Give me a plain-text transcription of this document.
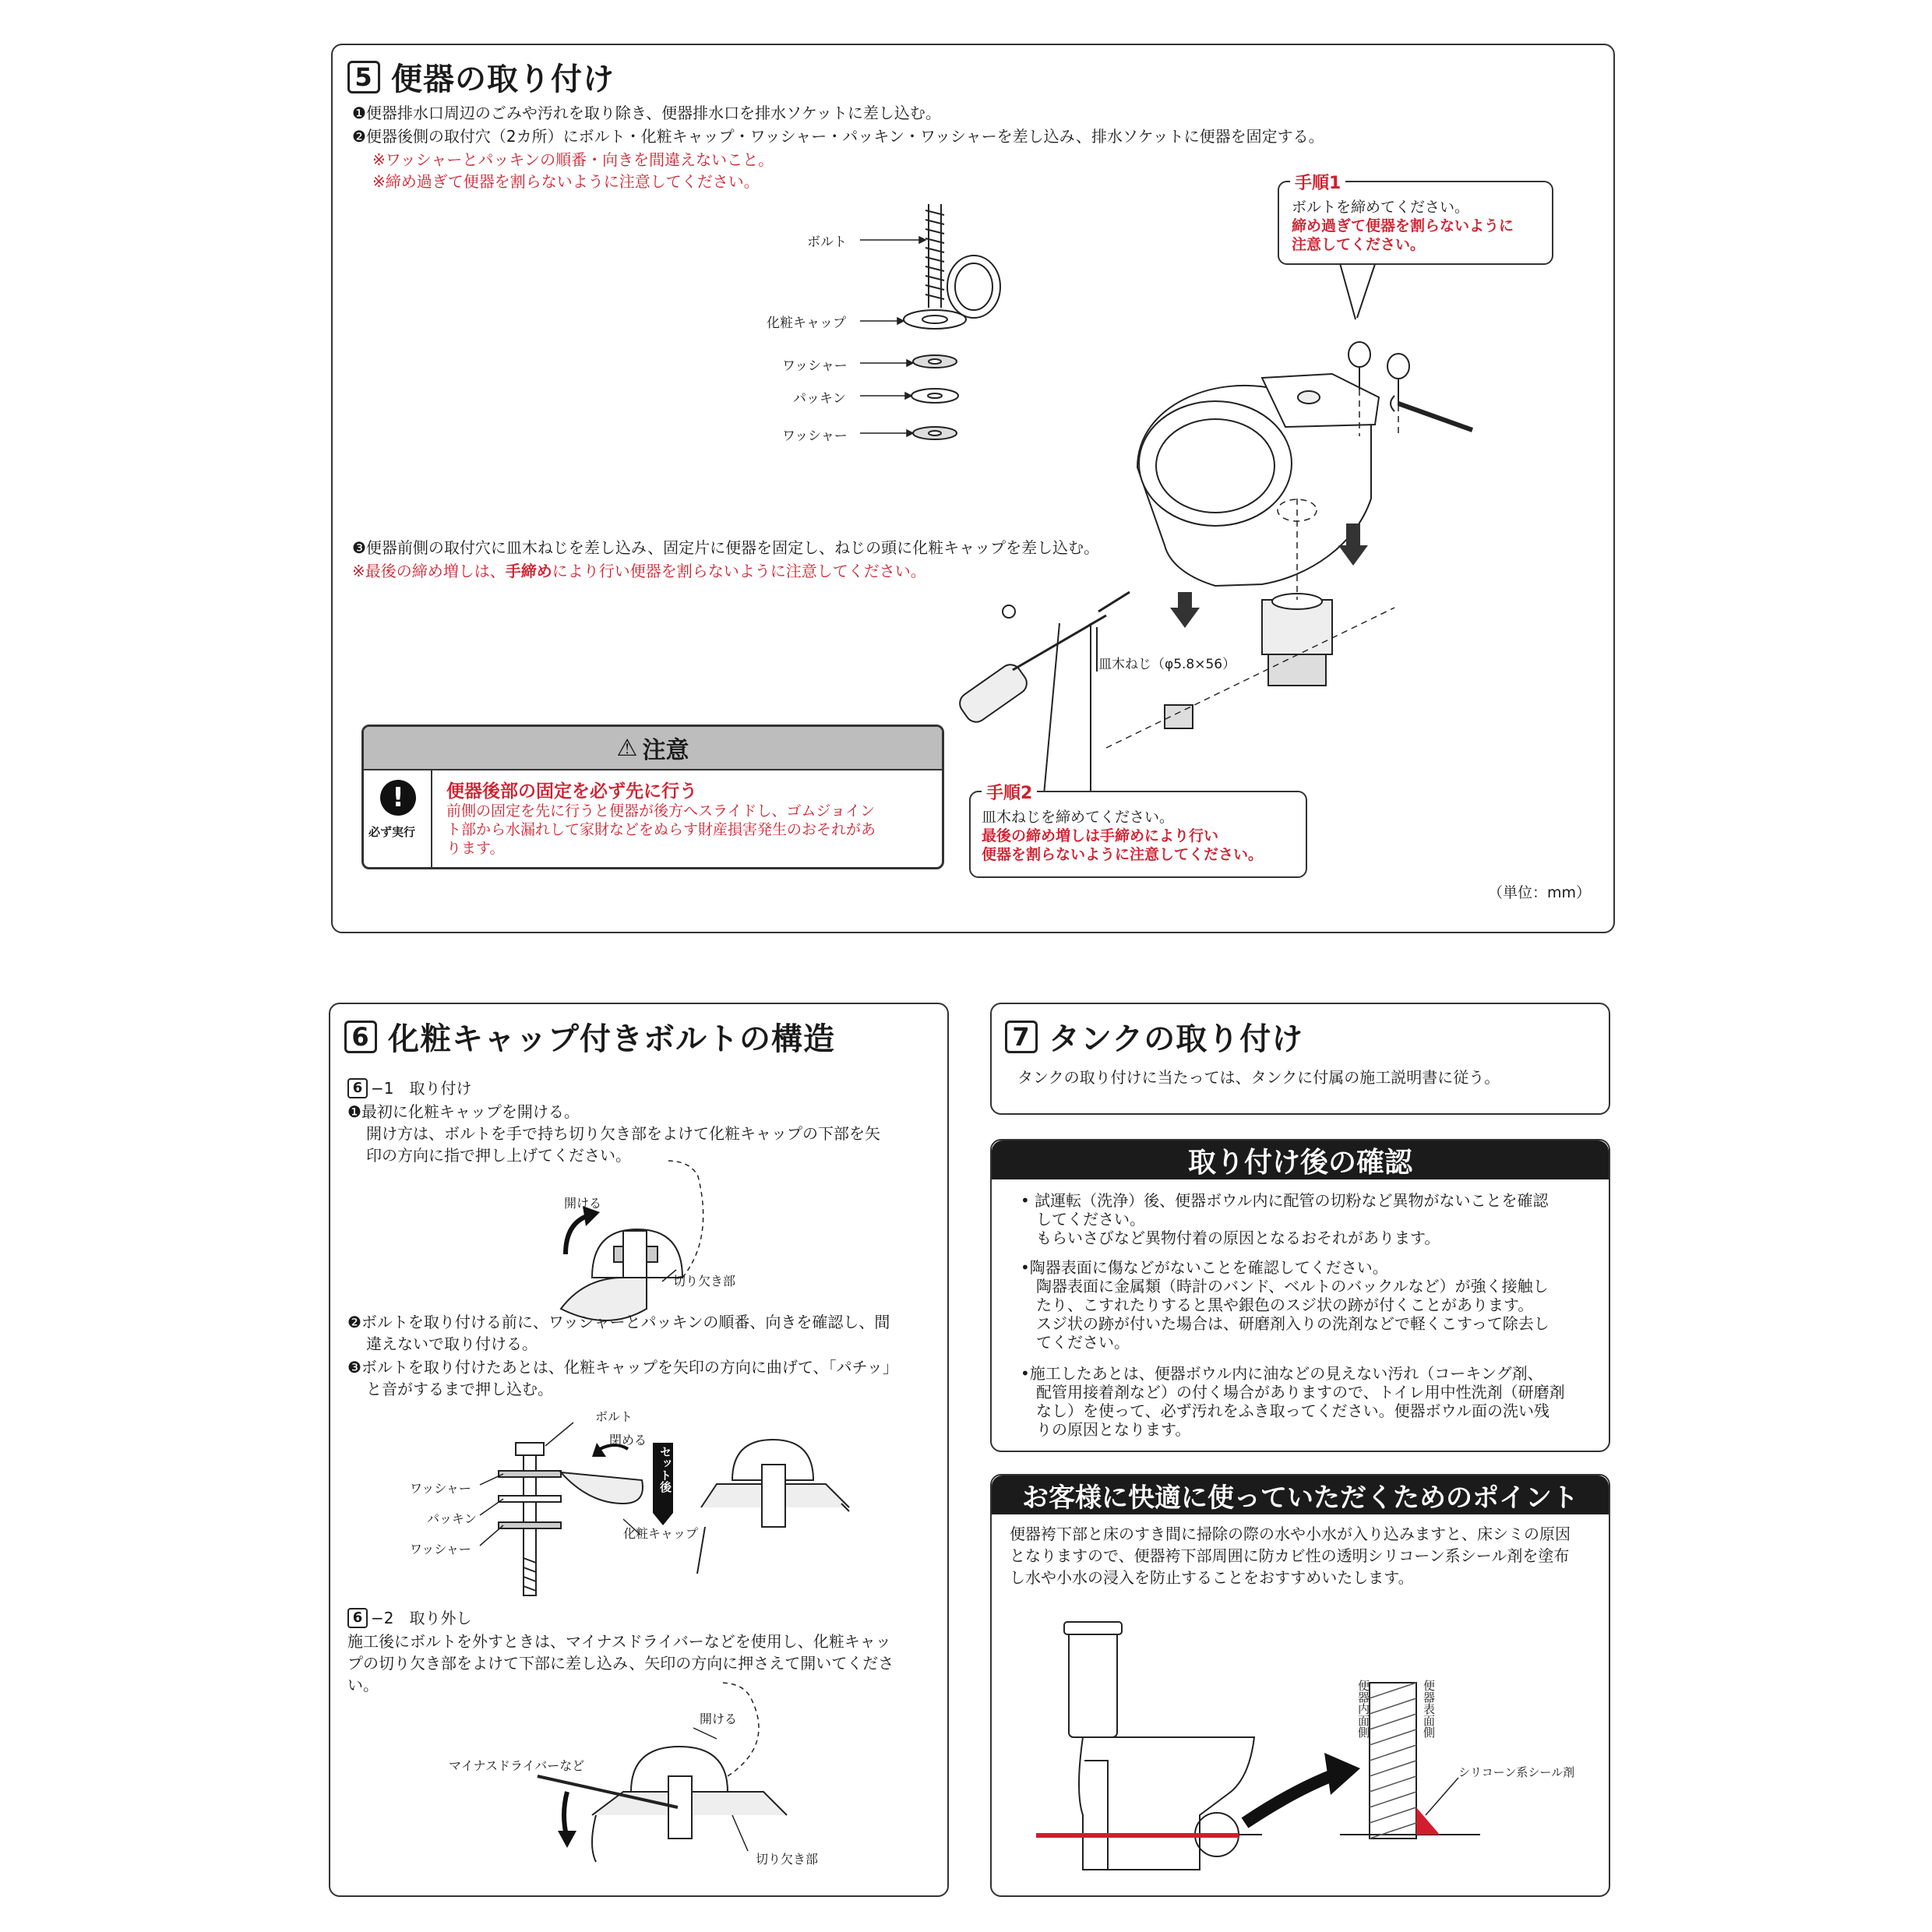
5 便器の取り付け
❶便器排水口周辺のごみや汚れを取り除き、便器排水口を排水ソケットに差し込む。
❷便器後側の取付穴（2カ所）にボルト・化粧キャップ・ワッシャー・パッキン・ワッシャーを差し込み、排水ソケットに便器を固定する。
※ワッシャーとパッキンの順番・向きを間違えないこと。
※締め過ぎて便器を割らないように注意してください。
ボルト
化粧キャップ
ワッシャー
パッキン
ワッシャー
❸便器前側の取付穴に皿木ねじを差し込み、固定片に便器を固定し、ねじの頭に化粧キャップを差し込む。
※最後の締め増しは、手締めにより行い便器を割らないように注意してください。
手順1
ボルトを締めてください。
締め過ぎて便器を割らないように
注意してください。
皿木ねじ（φ5.8×56）
手順2
皿木ねじを締めてください。
最後の締め増しは手締めにより行い
便器を割らないように注意してください。
⚠ 注意
!
必ず実行
便器後部の固定を必ず先に行う
前側の固定を先に行うと便器が後方へスライドし、ゴムジョイン
ト部から水漏れして家財などをぬらす財産損害発生のおそれがあ
ります。
（単位：mm）
6 化粧キャップ付きボルトの構造
6 −1　取り付け
❶最初に化粧キャップを開ける。
開け方は、ボルトを手で持ち切り欠き部をよけて化粧キャップの下部を矢
印の方向に指で押し上げてください。
開ける
切り欠き部
❷ボルトを取り付ける前に、ワッシャーとパッキンの順番、向きを確認し、間
違えないで取り付ける。
❸ボルトを取り付けたあとは、化粧キャップを矢印の方向に曲げて、「パチッ」
と音がするまで押し込む。
ボルト
閉める
セット後
ワッシャー
パッキン
ワッシャー
化粧キャップ
6 −2　取り外し
施工後にボルトを外すときは、マイナスドライバーなどを使用し、化粧キャッ
プの切り欠き部をよけて下部に差し込み、矢印の方向に押さえて開いてくださ
い。
開ける
マイナスドライバーなど
切り欠き部
7 タンクの取り付け
タンクの取り付けに当たっては、タンクに付属の施工説明書に従う。
取り付け後の確認
• 試運転（洗浄）後、便器ボウル内に配管の切粉など異物がないことを確認
してください。
もらいさびなど異物付着の原因となるおそれがあります。
•陶器表面に傷などがないことを確認してください。
陶器表面に金属類（時計のバンド、ベルトのバックルなど）が強く接触し
たり、こすれたりすると黒や銀色のスジ状の跡が付くことがあります。
スジ状の跡が付いた場合は、研磨剤入りの洗剤などで軽くこすって除去し
てください。
•施工したあとは、便器ボウル内に油などの見えない汚れ（コーキング剤、
配管用接着剤など）の付く場合がありますので、トイレ用中性洗剤（研磨剤
なし）を使って、必ず汚れをふき取ってください。便器ボウル面の洗い残
りの原因となります。
お客様に快適に使っていただくためのポイント
便器袴下部と床のすき間に掃除の際の水や小水が入り込みますと、床シミの原因
となりますので、便器袴下部周囲に防カビ性の透明シリコーン系シール剤を塗布
し水や小水の浸入を防止することをおすすめいたします。
便器内面側	便器表面側
シリコーン系シール剤
